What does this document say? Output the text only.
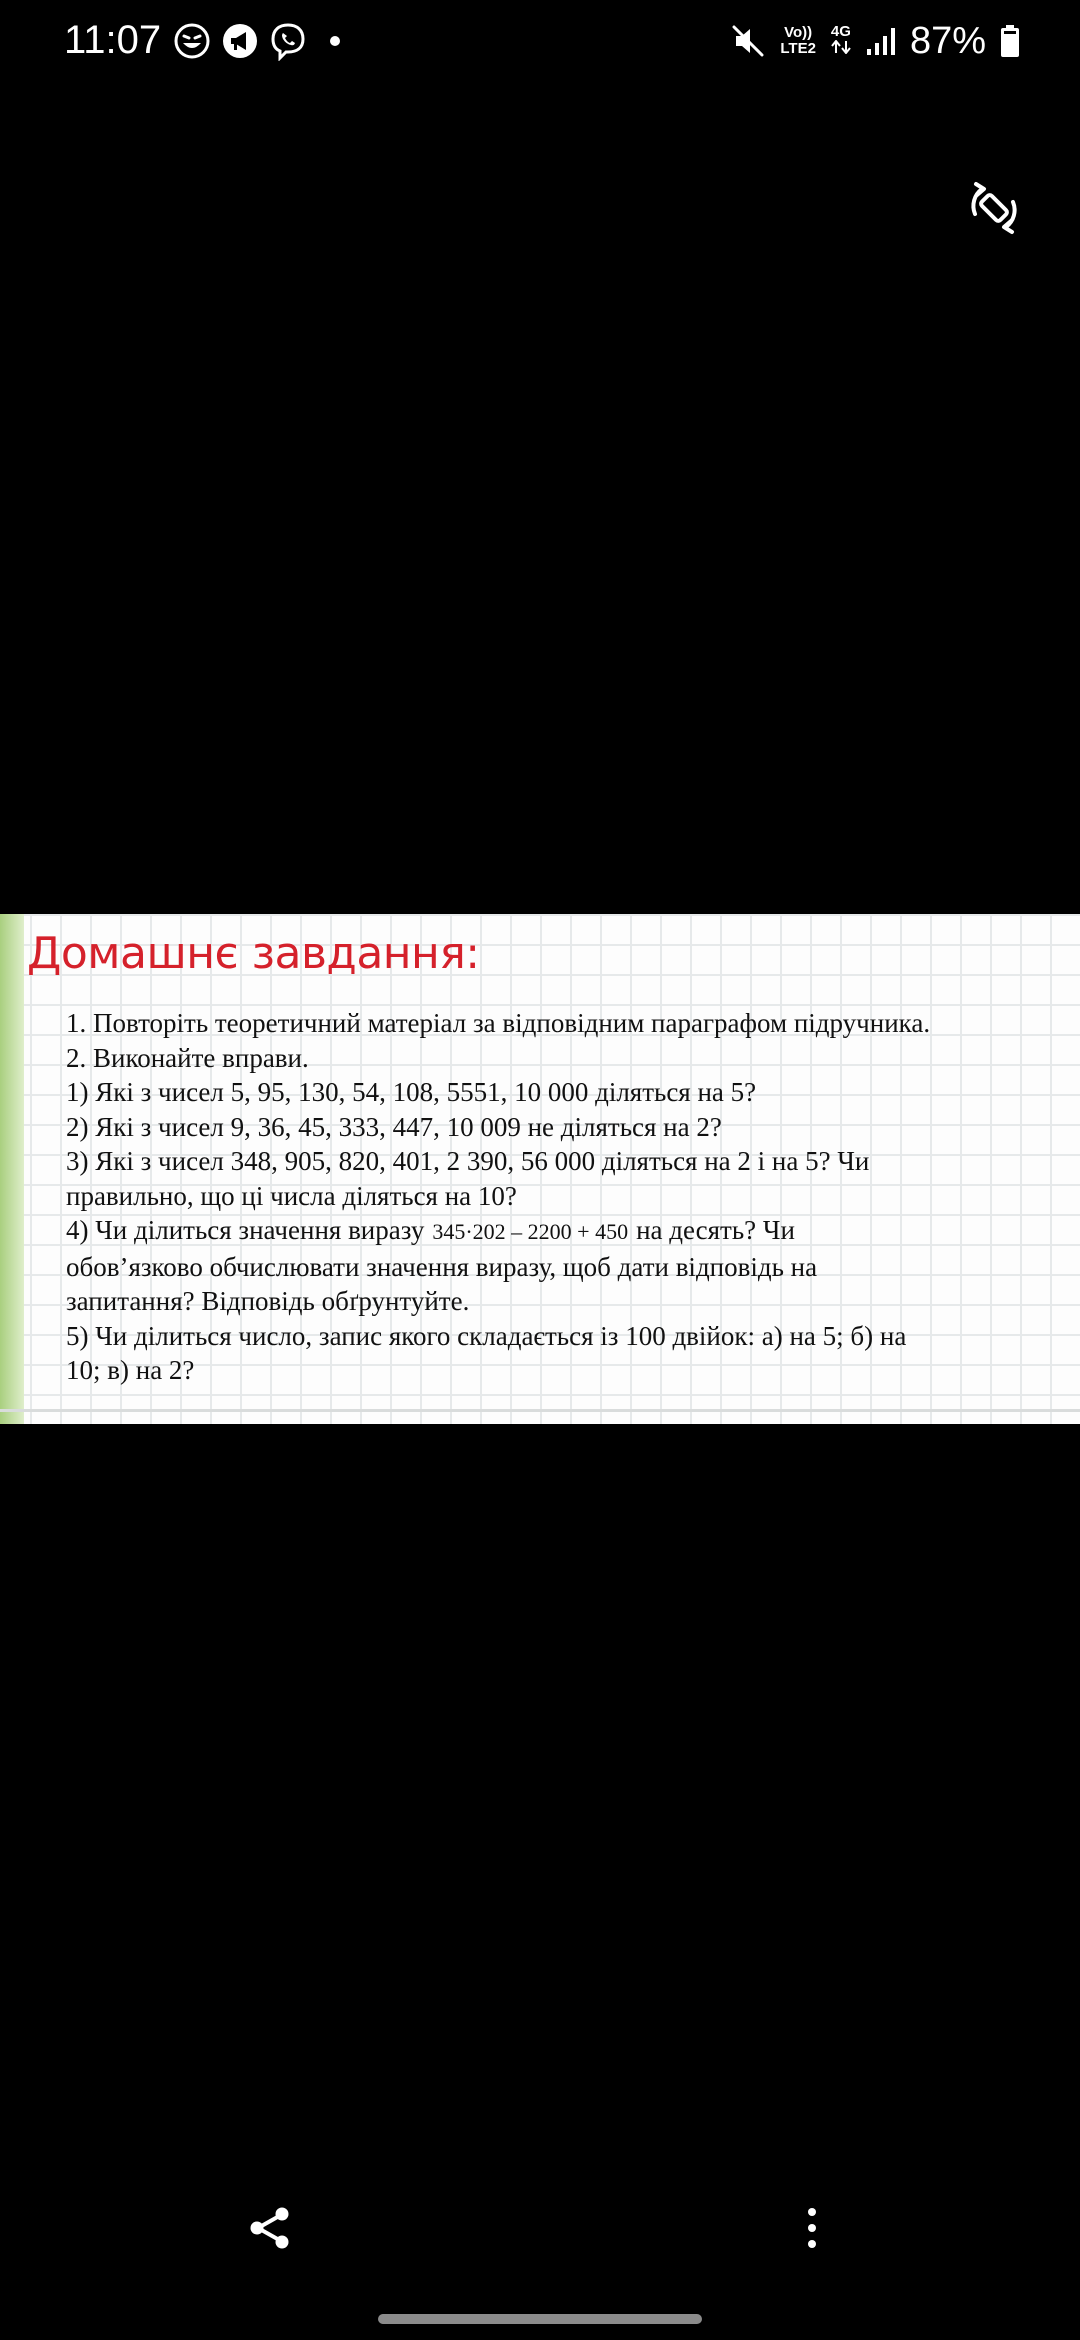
11:07	Vo))
LTE2
4G 87%
Домашнє завдання:
1. Повторіть теоретичний матеріал за відповідним параграфом підручника.
2. Виконайте вправи.
1) Які з чисел 5, 95, 130, 54, 108, 5551, 10 000 діляться на 5?
2) Які з чисел 9, 36, 45, 333, 447, 10 009 не діляться на 2?
3) Які з чисел 348, 905, 820, 401, 2 390, 56 000 діляться на 2 і на 5? Чи
правильно, що ці числа діляться на 10?
4) Чи ділиться значення виразу 345·202 – 2200 + 450 на десять? Чи
обов’язково обчислювати значення виразу, щоб дати відповідь на
запитання? Відповідь обґрунтуйте.
5) Чи ділиться число, запис якого складається із 100 двійок: а) на 5; б) на
10; в) на 2?
